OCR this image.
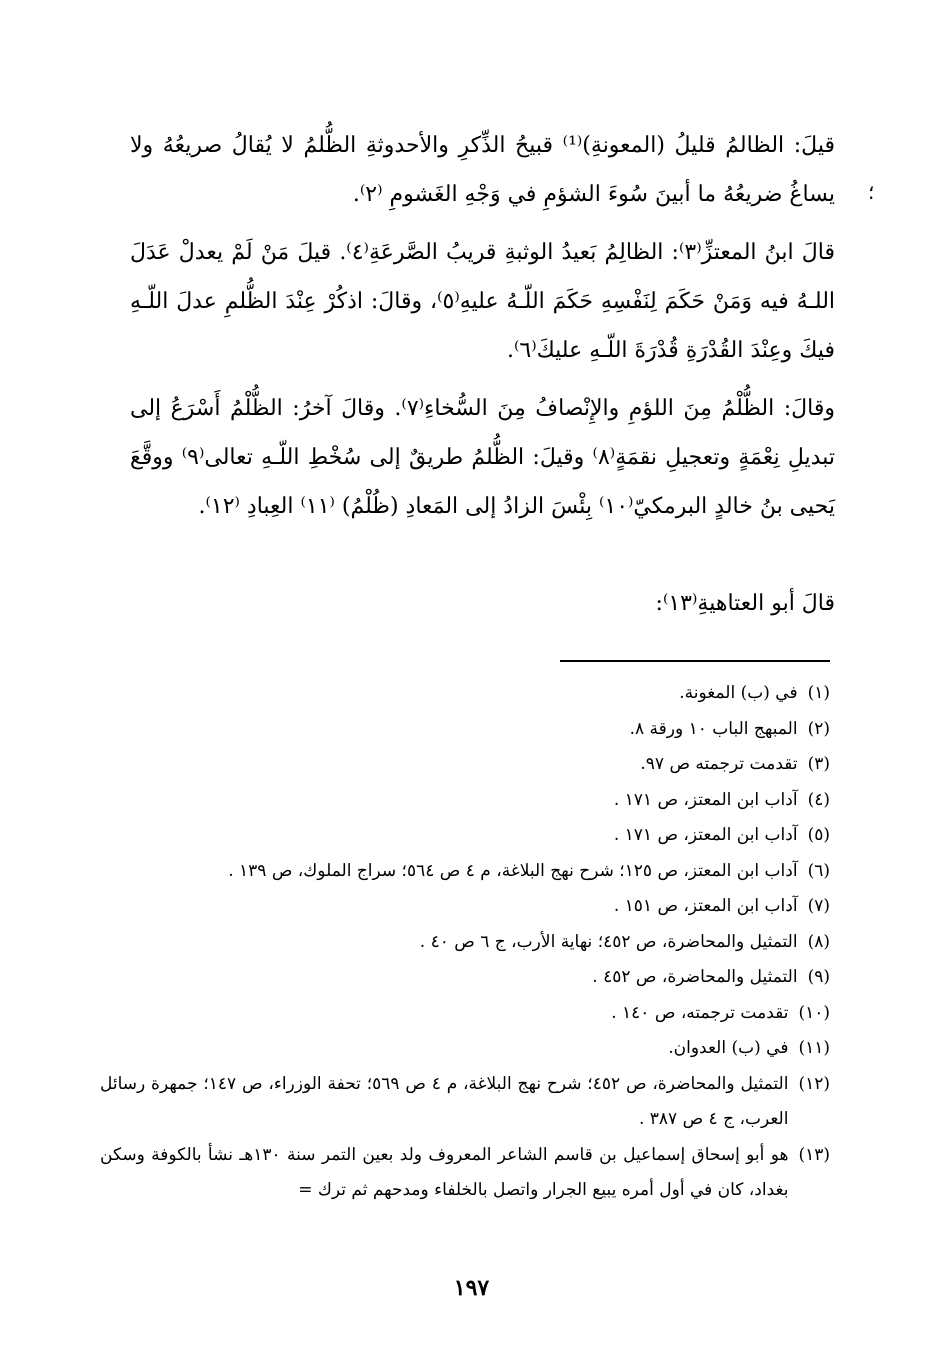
؛

قيلَ: الظالمُ قليلُ (المعونةِ)⁽¹⁾ قبيحُ الذِّكرِ والأحدوثةِ الظُّلمُ لا يُقالُ صريعُهُ ولا يساغُ ضريعُهُ ما أبينَ سُوءَ الشؤمِ في وَجْهِ الغَشومِ ⁽٢⁾.

قالَ ابنُ المعتزِّ⁽٣⁾: الظالِمُ بَعيدُ الوثبةِ قريبُ الصَّرعَةِ⁽٤⁾. قيلَ مَنْ لَمْ يعدلْ عَدَلَ اللـهُ فيه وَمَنْ حَكَمَ لِنَفْسِهِ حَكَمَ اللّـهُ عليهِ⁽٥⁾، وقالَ: اذكُرْ عِنْدَ الظُّلمِ عدلَ اللّـهِ فيكَ وعِنْدَ القُدْرَةِ قُدْرَةَ اللّـهِ عليكَ⁽٦⁾.

وقالَ: الظُّلْمُ مِنَ اللؤمِ والإِنْصافُ مِنَ السُّخاءِ⁽٧⁾. وقالَ آخرُ: الظُّلْمُ أَسْرَعُ إلى تبديلِ نِعْمَةٍ وتعجيلِ نقمَةٍ⁽٨⁾ وقيلَ: الظُّلمُ طريقٌ إلى سُخْطِ اللّـهِ تعالى⁽٩⁾ ووقَّعَ يَحيى بنُ خالدٍ البرمكيّ⁽١٠⁾ بِئْسَ الزادُ إلى المَعادِ (ظُلْمُ) ⁽١١⁾ العِبادِ ⁽١٢⁾.

قالَ أبو العتاهيةِ⁽١٣⁾:

(١)
في (ب) المغونة.
(٢)
المبهج الباب ١٠ ورقة ٨.
(٣)
تقدمت ترجمته ص ٩٧.
(٤)
آداب ابن المعتز، ص ١٧١ .
(٥)
آداب ابن المعتز، ص ١٧١ .
(٦)
آداب ابن المعتز، ص ١٢٥؛ شرح نهج البلاغة، م ٤ ص ٥٦٤؛ سراج الملوك، ص ١٣٩ .
(٧)
آداب ابن المعتز، ص ١٥١ .
(٨)
التمثيل والمحاضرة، ص ٤٥٢؛ نهاية الأرب، ج ٦ ص ٤٠ .
(٩)
التمثيل والمحاضرة، ص ٤٥٢ .
(١٠)
تقدمت ترجمته، ص ١٤٠ .
(١١)
في (ب) العدوان.
(١٢)
التمثيل والمحاضرة، ص ٤٥٢؛ شرح نهج البلاغة، م ٤ ص ٥٦٩؛ تحفة الوزراء، ص ١٤٧؛ جمهرة رسائل العرب، ج ٤ ص ٣٨٧ .
(١٣)
هو أبو إسحاق إسماعيل بن قاسم الشاعر المعروف ولد بعين التمر سنة ١٣٠هـ نشأ بالكوفة وسكن بغداد، كان في أول أمره يبيع الجرار واتصل بالخلفاء ومدحهم ثم ترك =
١٩٧
